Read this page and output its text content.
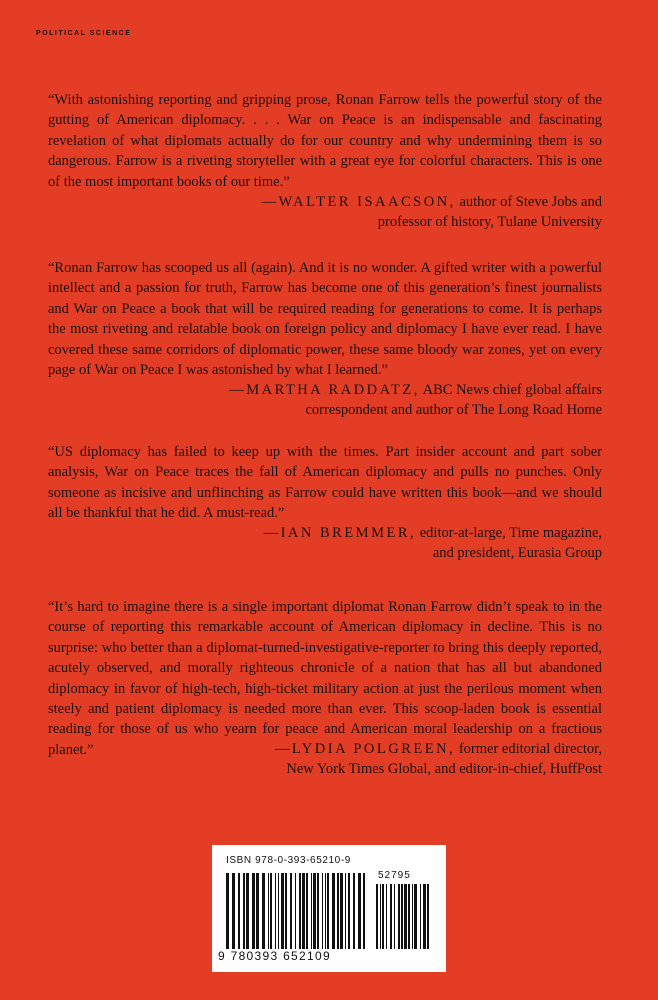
POLITICAL SCIENCE

“With astonishing reporting and gripping prose, Ronan Farrow tells the powerful story of the gutting of American diplomacy. . . . War on Peace is an indispensable and fascinating revelation of what diplomats actually do for our country and why undermining them is so dangerous. Farrow is a riveting storyteller with a great eye for colorful characters. This is one of the most important books of our time.”

—WALTER ISAACSON, author of Steve Jobs and
professor of history, Tulane University

“Ronan Farrow has scooped us all (again). And it is no wonder. A gifted writer with a powerful intellect and a passion for truth, Farrow has become one of this generation’s finest journalists and War on Peace a book that will be required reading for generations to come. It is perhaps the most riveting and relatable book on foreign policy and diplomacy I have ever read. I have covered these same corridors of diplomatic power, these same bloody war zones, yet on every page of War on Peace I was astonished by what I learned.”

—MARTHA RADDATZ, ABC News chief global affairs
correspondent and author of The Long Road Home

“US diplomacy has failed to keep up with the times. Part insider account and part sober analysis, War on Peace traces the fall of American diplomacy and pulls no punches. Only someone as incisive and unflinching as Farrow could have written this book—and we should all be thankful that he did. A must-read.”

—IAN BREMMER, editor-at-large, Time magazine,
and president, Eurasia Group

“It’s hard to imagine there is a single important diplomat Ronan Farrow didn’t speak to in the course of reporting this remarkable account of American diplomacy in decline. This is no surprise: who better than a diplomat-turned-investigative-reporter to bring this deeply reported, acutely observed, and morally righteous chronicle of a nation that has all but abandoned diplomacy in favor of high-tech, high-ticket military action at just the perilous moment when steely and patient diplomacy is needed more than ever. This scoop-laden book is essential reading for those of us who yearn for peace and American moral leadership on a fractious planet.”	—LYDIA POLGREEN, former editorial director,
New York Times Global, and editor-in-chief, HuffPost
ISBN 978-0-393-65210-9
52795
9 780393 652109
